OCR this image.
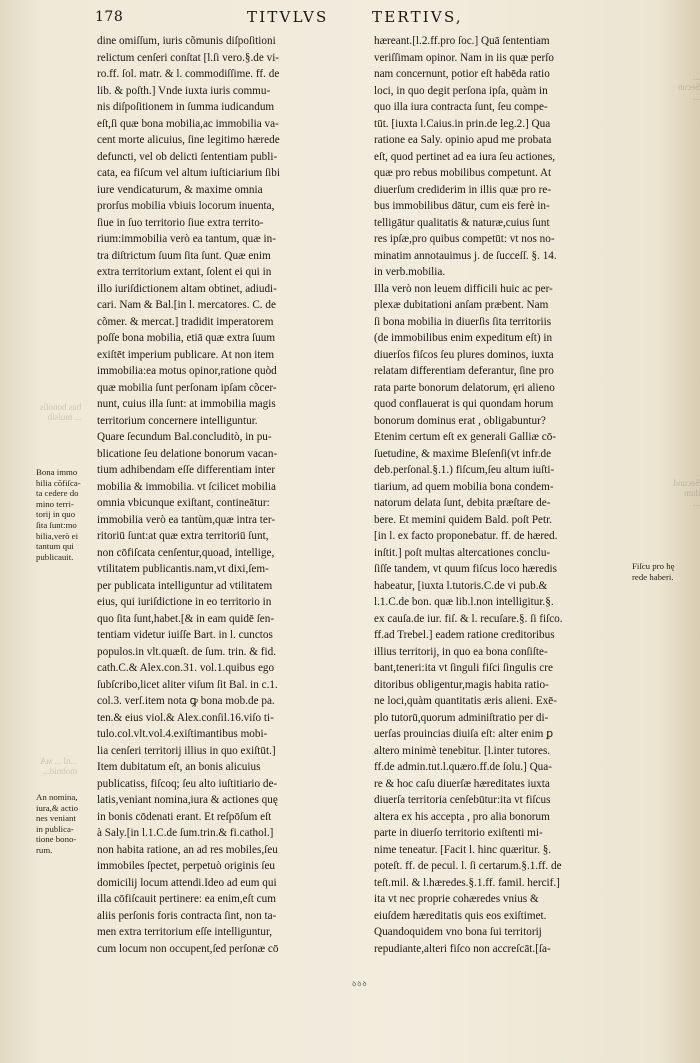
178	TITVLVS	TERTIVS,
dine omiſſum, iuris cõmunis diſpoſitioni
relictum cenſeri conſtat [l.ſi vero.§.de vi-
ro.ff. ſol. matr. & l. commodiſſime. ff. de
lib. & poſth.] Vnde iuxta iuris commu-
nis diſpoſitionem in ſumma iudicandum
eſt,ſi quæ bona mobilia,ac immobilia va-
cent morte alicuius, ſine legitimo hærede
defuncti, vel ob delicti ſententiam publi-
cata, ea fiſcum vel altum iuſticiarium ſibi
iure vendicaturum, & maxime omnia
prorſus mobilia vbiuis locorum inuenta,
ſiue in ſuo territorio ſiue extra territo-
rium:immobilia verò ea tantum, quæ in-
tra diſtrictum ſuum ſita ſunt. Quæ enim
extra territorium extant, ſolent ei qui in
illo iuriſdictionem altam obtinet, adiudi-
cari. Nam & Bal.[in l. mercatores. C. de
cõmer. & mercat.] tradidit imperatorem
poſſe bona mobilia, etiā quæ extra ſuum
exiſtēt imperium publicare. At non item
immobilia:ea motus opinor,ratione quòd
quæ mobilia ſunt perſonam ipſam cõcer-
nunt, cuius illa ſunt: at immobilia magis
territorium concernere intelliguntur.
Quare ſecundum Bal.concluditò, in pu-
blicatione ſeu delatione bonorum vacan-
tium adhibendam eſſe differentiam inter
mobilia & immobilia. vt ſcilicet mobilia
omnia vbicunque exiſtant, contineātur:
immobilia verò ea tantùm,quæ intra ter-
ritoriū ſunt:at quæ extra territoriū ſunt,
non cōfiſcata cenſentur,quoad, intellige,
vtilitatem publicantis.nam,vt dixi,ſem-
per publicata intelliguntur ad vtilitatem
eius, qui iuriſdictione in eo territorio in
quo ſita ſunt,habet.[& in eam quidē ſen-
tentiam videtur iuiſſe Bart. in l. cunctos
populos.in vlt.quæſt. de ſum. trin. & fid.
cath.C.& Alex.con.31. vol.1.quibus ego
ſubſcribo,licet aliter viſum ſit Bal. in c.1.
col.3. verſ.item nota ꝙ bona mob.de pa.
ten.& eius viol.& Alex.conſil.16.viſo ti-
tulo.col.vlt.vol.4.exiſtimantibus mobi-
lia cenſeri territorij illius in quo exiſtūt.]
Item dubitatum eſt, an bonis alicuius
publicatiss, fiſcoq; ſeu alto iuſtitiario de-
latis,veniant nomina,iura & actiones quę
in bonis cōdenati erant. Et reſpōſum eſt
à Saly.[in l.1.C.de ſum.trin.& fi.cathol.]
non habita ratione, an ad res mobiles,ſeu
immobiles ſpectet, perpetuò originis ſeu
domicilij locum attendi.Ideo ad eum qui
illa cōfiſcauit pertinere: ea enim,eſt cum
aliis perſonis foris contracta ſint, non ta-
men extra territorium eſſe intelliguntur,
cum locum non occupent,ſed perſonæ cō
hæreant.[l.2.ff.pro ſoc.] Quā ſententiam
veriſſimam opinor. Nam in iis quæ perſo
nam concernunt, potior eſt habēda ratio
loci, in quo degit perſona ipſa, quàm in
quo illa iura contracta ſunt, ſeu compe-
tūt. [iuxta l.Caius.in prin.de leg.2.] Qua
ratione ea Saly. opinio apud me probata
eſt, quod pertinet ad ea iura ſeu actiones,
quæ pro rebus mobilibus competunt. At
diuerſum crediderim in illis quæ pro re-
bus immobilibus dātur, cum eis ferè in-
telligātur qualitatis & naturæ,cuius ſunt
res ipſæ,pro quibus competūt: vt nos no-
minatim annotauimus j. de ſucceſſ. §. 14.
in verb.mobilia.
Illa verò non leuem difficili huic ac per-
plexæ dubitationi anſam præbent. Nam
ſi bona mobilia in diuerſis ſita territoriis
(de immobilibus enim expeditum eſt) in
diuerſos fiſcos ſeu plures dominos, iuxta
relatam differentiam deferantur, ſine pro
rata parte bonorum delatorum, ęri alieno
quod conflauerat is qui quondam horum
bonorum dominus erat , obligabuntur?
Etenim certum eſt ex generali Galliæ cō-
ſuetudine, & maxime Bleſenſi(vt infr.de
deb.perſonal.§.1.) fiſcum,ſeu altum iuſti-
tiarium, ad quem mobilia bona condem-
natorum delata ſunt, debita præſtare de-
bere. Et memini quidem Bald. poſt Petr.
[in l. ex facto proponebatur. ff. de hæred.
inſtit.] poſt multas altercationes conclu-
ſiſſe tandem, vt quum fiſcus loco hæredis
habeatur, [iuxta l.tutoris.C.de vi pub.&
l.1.C.de bon. quæ lib.l.non intelligitur.§.
ex cauſa.de iur. fiſ. & l. recuſare.§. ſi fiſco.
ff.ad Trebel.] eadem ratione creditoribus
illius territorij, in quo ea bona conſiſte-
bant,teneri:ita vt ſinguli fiſci ſingulis cre
ditoribus obligentur,magis habita ratio-
ne loci,quàm quantitatis æris alieni. Exē-
plo tutorū,quorum adminiſtratio per di-
uerſas prouincias diuiſa eſt: alter enim ꝑ
altero minimè tenebitur. [l.inter tutores.
ff.de admin.tut.l.quæro.ff.de ſolu.] Qua-
re & hoc caſu diuerſæ hæreditates iuxta
diuerſa territoria cenſebūtur:ita vt fiſcus
altera ex his accepta , pro alia bonorum
parte in diuerſo territorio exiſtenti mi-
nime teneatur. [Facit l. hinc quæritur. §.
poteſt. ff. de pecul. l. ſi certarum.§.1.ff. de
teſt.mil. & l.hæredes.§.1.ff. famil. hercif.]
ita vt nec proprie cohæredes vnius &
eiuſdem hæreditatis quis eos exiſtimet.
Quandoquidem vno bona ſui territorij
repudiante,alteri fiſco non accreſcāt.[ſa-
Bona immo
bilia cōfiſca-
ta cedere do
mino terri-
torij in quo
ſita ſunt:mo
bilia,verò ei
tantum qui
publicauit.
An nomina,
iura,& actio
nes veniant
in publica-
tione bono-
rum.
Fiſcu pro hę
rede haberi.
bus bonoſis
... muſsib
...nl ... ᴍA
mobnid...
Secund
dum
...
...
Secun
...
ꝺꝺꝺ
